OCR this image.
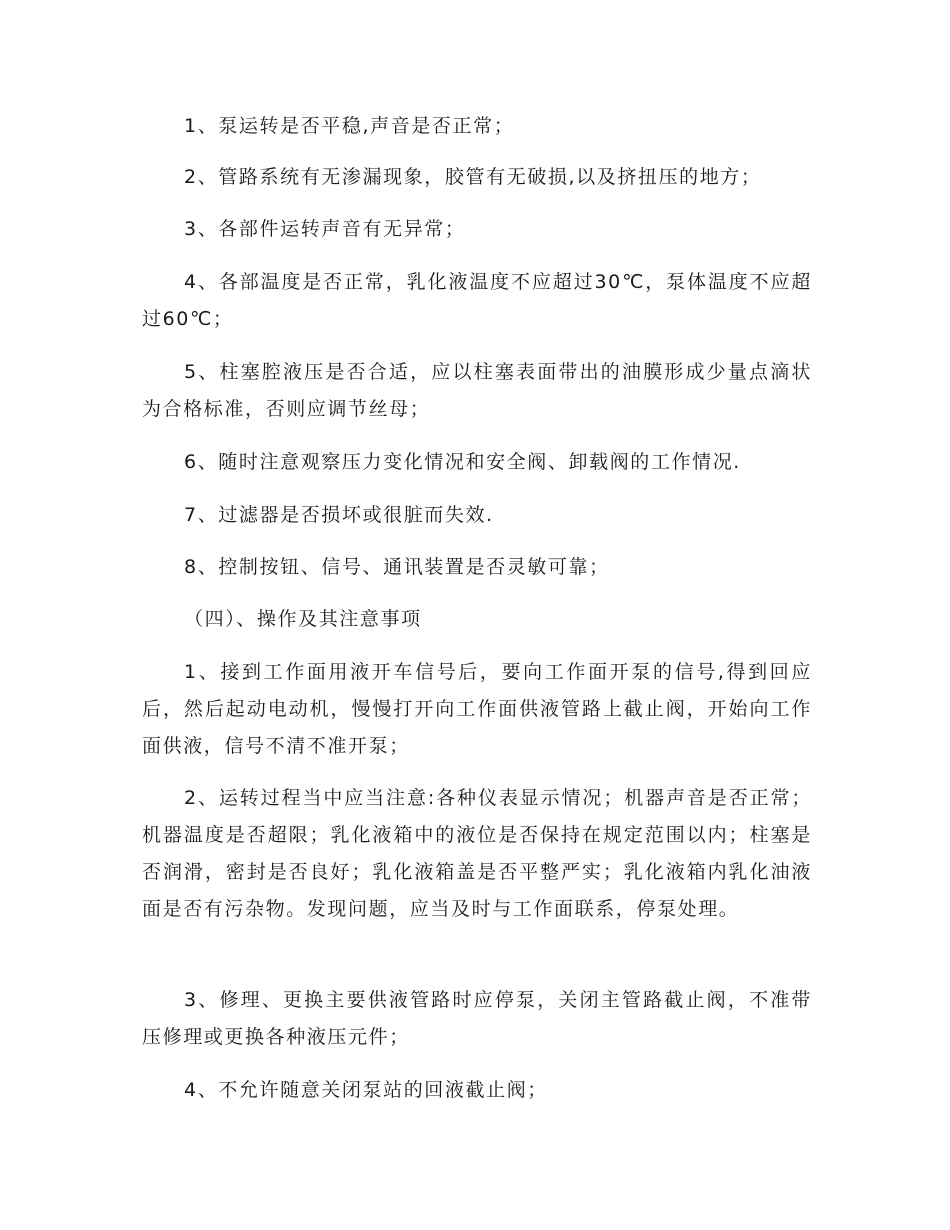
1、泵运转是否平稳,声音是否正常；

2、管路系统有无渗漏现象，胶管有无破损,以及挤扭压的地方；

3、各部件运转声音有无异常；

4、各部温度是否正常，乳化液温度不应超过30℃，泵体温度不应超过60℃；

5、柱塞腔液压是否合适，应以柱塞表面带出的油膜形成少量点滴状为合格标准，否则应调节丝母；

6、随时注意观察压力变化情况和安全阀、卸载阀的工作情况.

7、过滤器是否损坏或很脏而失效.

8、控制按钮、信号、通讯装置是否灵敏可靠；

（四）、操作及其注意事项

1、接到工作面用液开车信号后，要向工作面开泵的信号,得到回应后，然后起动电动机，慢慢打开向工作面供液管路上截止阀，开始向工作面供液，信号不清不准开泵；

2、运转过程当中应当注意:各种仪表显示情况；机器声音是否正常；机器温度是否超限；乳化液箱中的液位是否保持在规定范围以内；柱塞是否润滑，密封是否良好；乳化液箱盖是否平整严实；乳化液箱内乳化油液面是否有污杂物。发现问题，应当及时与工作面联系，停泵处理。

3、修理、更换主要供液管路时应停泵，关闭主管路截止阀，不准带压修理或更换各种液压元件；

4、不允许随意关闭泵站的回液截止阀；
